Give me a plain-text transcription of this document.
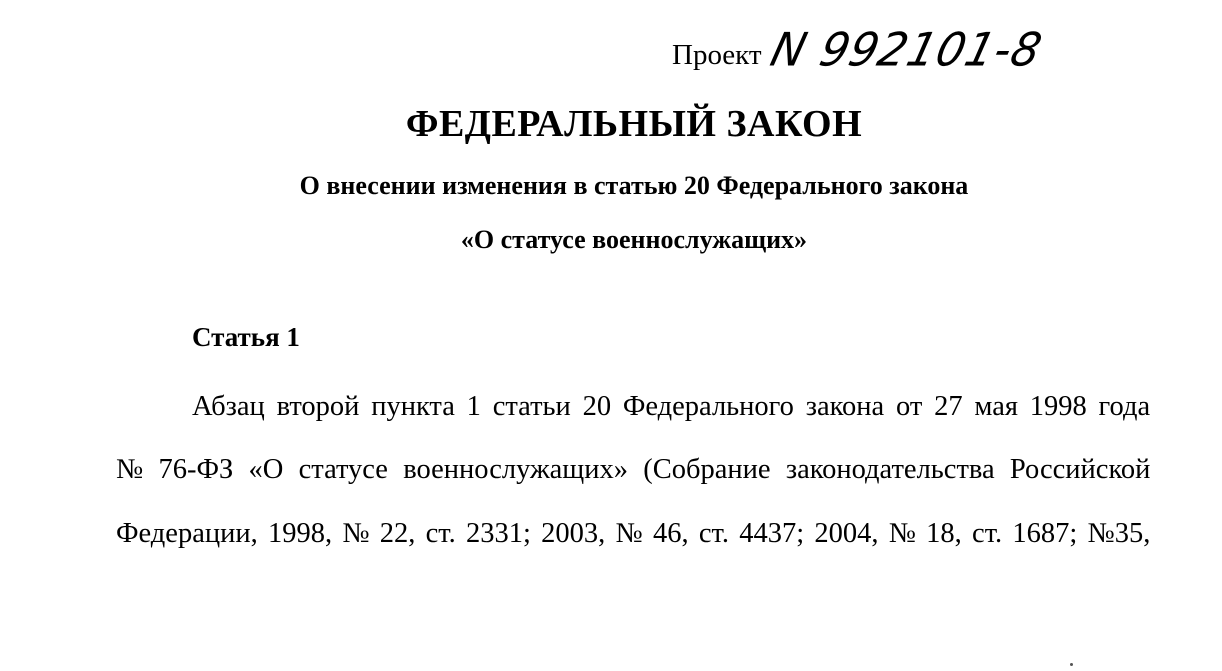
Проект N 992101-8
ФЕДЕРАЛЬНЫЙ ЗАКОН
О внесении изменения в статью 20 Федерального закона
«О статусе военнослужащих»
Статья 1
Абзац второй пункта 1 статьи 20 Федерального закона от 27 мая 1998 года
№ 76-ФЗ «О статусе военнослужащих» (Собрание законодательства Российской
Федерации, 1998, № 22, ст. 2331; 2003, № 46, ст. 4437; 2004, № 18, ст. 1687; №35,
